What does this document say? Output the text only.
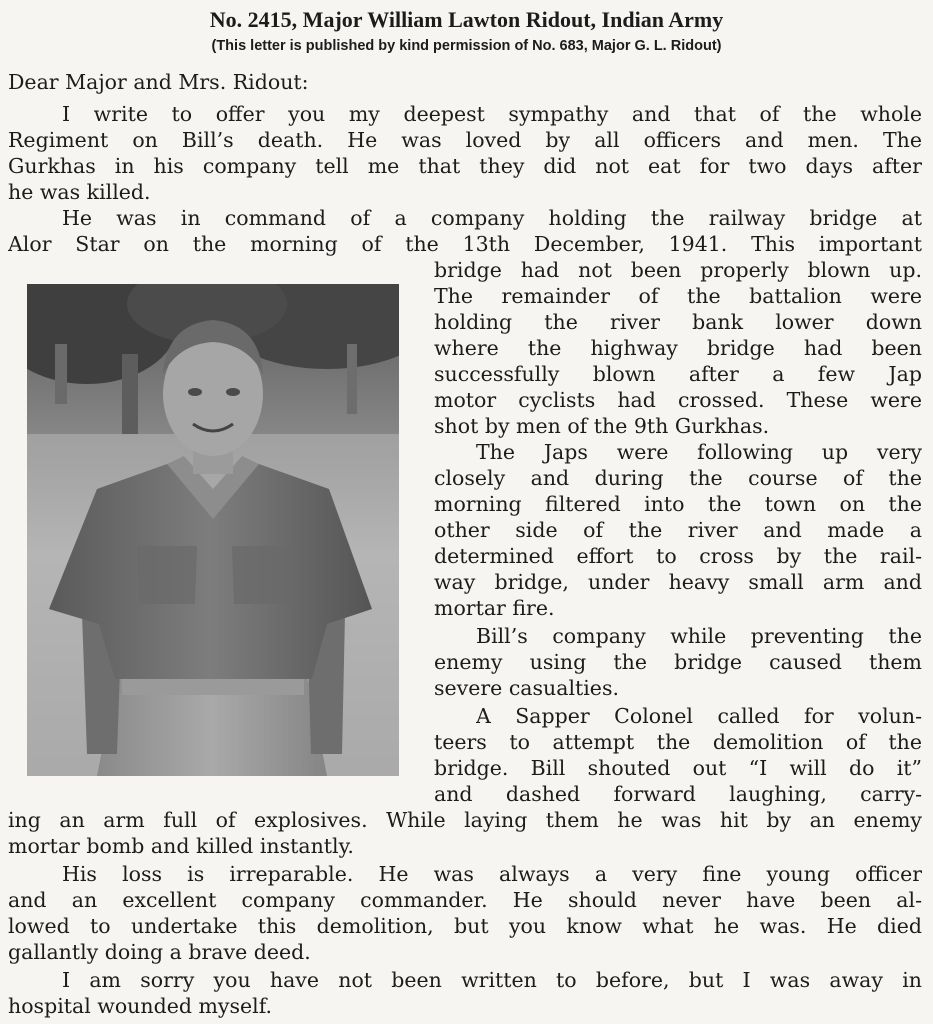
No. 2415, Major William Lawton Ridout, Indian Army
(This letter is published by kind permission of No. 683, Major G. L. Ridout)
Dear Major and Mrs. Ridout:
I write to offer you my deepest sympathy and that of the whole
Regiment on Bill’s death. He was loved by all officers and men. The
Gurkhas in his company tell me that they did not eat for two days after
he was killed.
He was in command of a company holding the railway bridge at
Alor Star on the morning of the 13th December, 1941. This important
bridge had not been properly blown up.
The remainder of the battalion were
holding the river bank lower down
where the highway bridge had been
successfully blown after a few Jap
motor cyclists had crossed. These were
shot by men of the 9th Gurkhas.
The Japs were following up very
closely and during the course of the
morning filtered into the town on the
other side of the river and made a
determined effort to cross by the rail-
way bridge, under heavy small arm and
mortar fire.
Bill’s company while preventing the
enemy using the bridge caused them
severe casualties.
A Sapper Colonel called for volun-
teers to attempt the demolition of the
bridge. Bill shouted out “I will do it”
and dashed forward laughing, carry-
ing an arm full of explosives. While laying them he was hit by an enemy
mortar bomb and killed instantly.
His loss is irreparable. He was always a very fine young officer
and an excellent company commander. He should never have been al-
lowed to undertake this demolition, but you know what he was. He died
gallantly doing a brave deed.
I am sorry you have not been written to before, but I was away in
hospital wounded myself.
